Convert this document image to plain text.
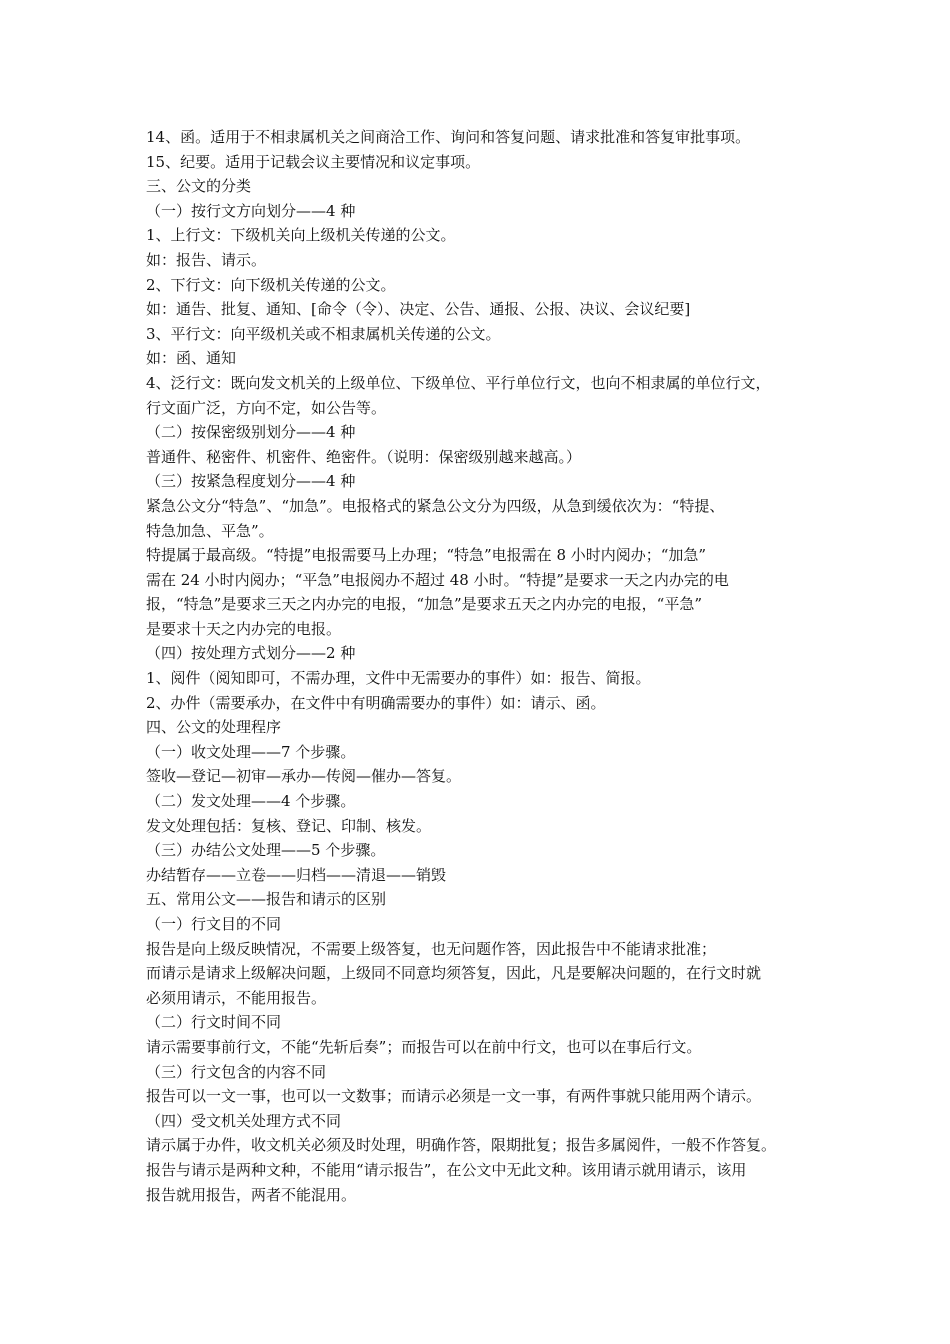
14、函。适用于不相隶属机关之间商洽工作、询问和答复问题、请求批准和答复审批事项。
15、纪要。适用于记载会议主要情况和议定事项。
三、公文的分类
（一）按行文方向划分——4 种
1、上行文：下级机关向上级机关传递的公文。
如：报告、请示。
2、下行文：向下级机关传递的公文。
如：通告、批复、通知、[命令（令）、决定、公告、通报、公报、决议、会议纪要]
3、平行文：向平级机关或不相隶属机关传递的公文。
如：函、通知
4、泛行文：既向发文机关的上级单位、下级单位、平行单位行文，也向不相隶属的单位行文，
行文面广泛，方向不定，如公告等。
（二）按保密级别划分——4 种
普通件、秘密件、机密件、绝密件。（说明：保密级别越来越高。）
（三）按紧急程度划分——4 种
紧急公文分“特急”、“加急”。电报格式的紧急公文分为四级，从急到缓依次为：“特提、
特急加急、平急”。
特提属于最高级。“特提”电报需要马上办理；“特急”电报需在 8 小时内阅办；“加急”
需在 24 小时内阅办；“平急”电报阅办不超过 48 小时。“特提”是要求一天之内办完的电
报，“特急”是要求三天之内办完的电报，“加急”是要求五天之内办完的电报，“平急”
是要求十天之内办完的电报。
（四）按处理方式划分——2 种
1、阅件（阅知即可，不需办理，文件中无需要办的事件）如：报告、简报。
2、办件（需要承办，在文件中有明确需要办的事件）如：请示、函。
四、公文的处理程序
（一）收文处理——7 个步骤。
签收—登记—初审—承办—传阅—催办—答复。
（二）发文处理——4 个步骤。
发文处理包括：复核、登记、印制、核发。
（三）办结公文处理——5 个步骤。
办结暂存——立卷——归档——清退——销毁
五、常用公文——报告和请示的区别
（一）行文目的不同
报告是向上级反映情况，不需要上级答复，也无问题作答，因此报告中不能请求批准；
而请示是请求上级解决问题，上级同不同意均须答复，因此，凡是要解决问题的，在行文时就
必须用请示，不能用报告。
（二）行文时间不同
请示需要事前行文，不能“先斩后奏”；而报告可以在前中行文，也可以在事后行文。
（三）行文包含的内容不同
报告可以一文一事，也可以一文数事；而请示必须是一文一事，有两件事就只能用两个请示。
（四）受文机关处理方式不同
请示属于办件，收文机关必须及时处理，明确作答，限期批复；报告多属阅件，一般不作答复。
报告与请示是两种文种，不能用“请示报告”，在公文中无此文种。该用请示就用请示，该用
报告就用报告，两者不能混用。
